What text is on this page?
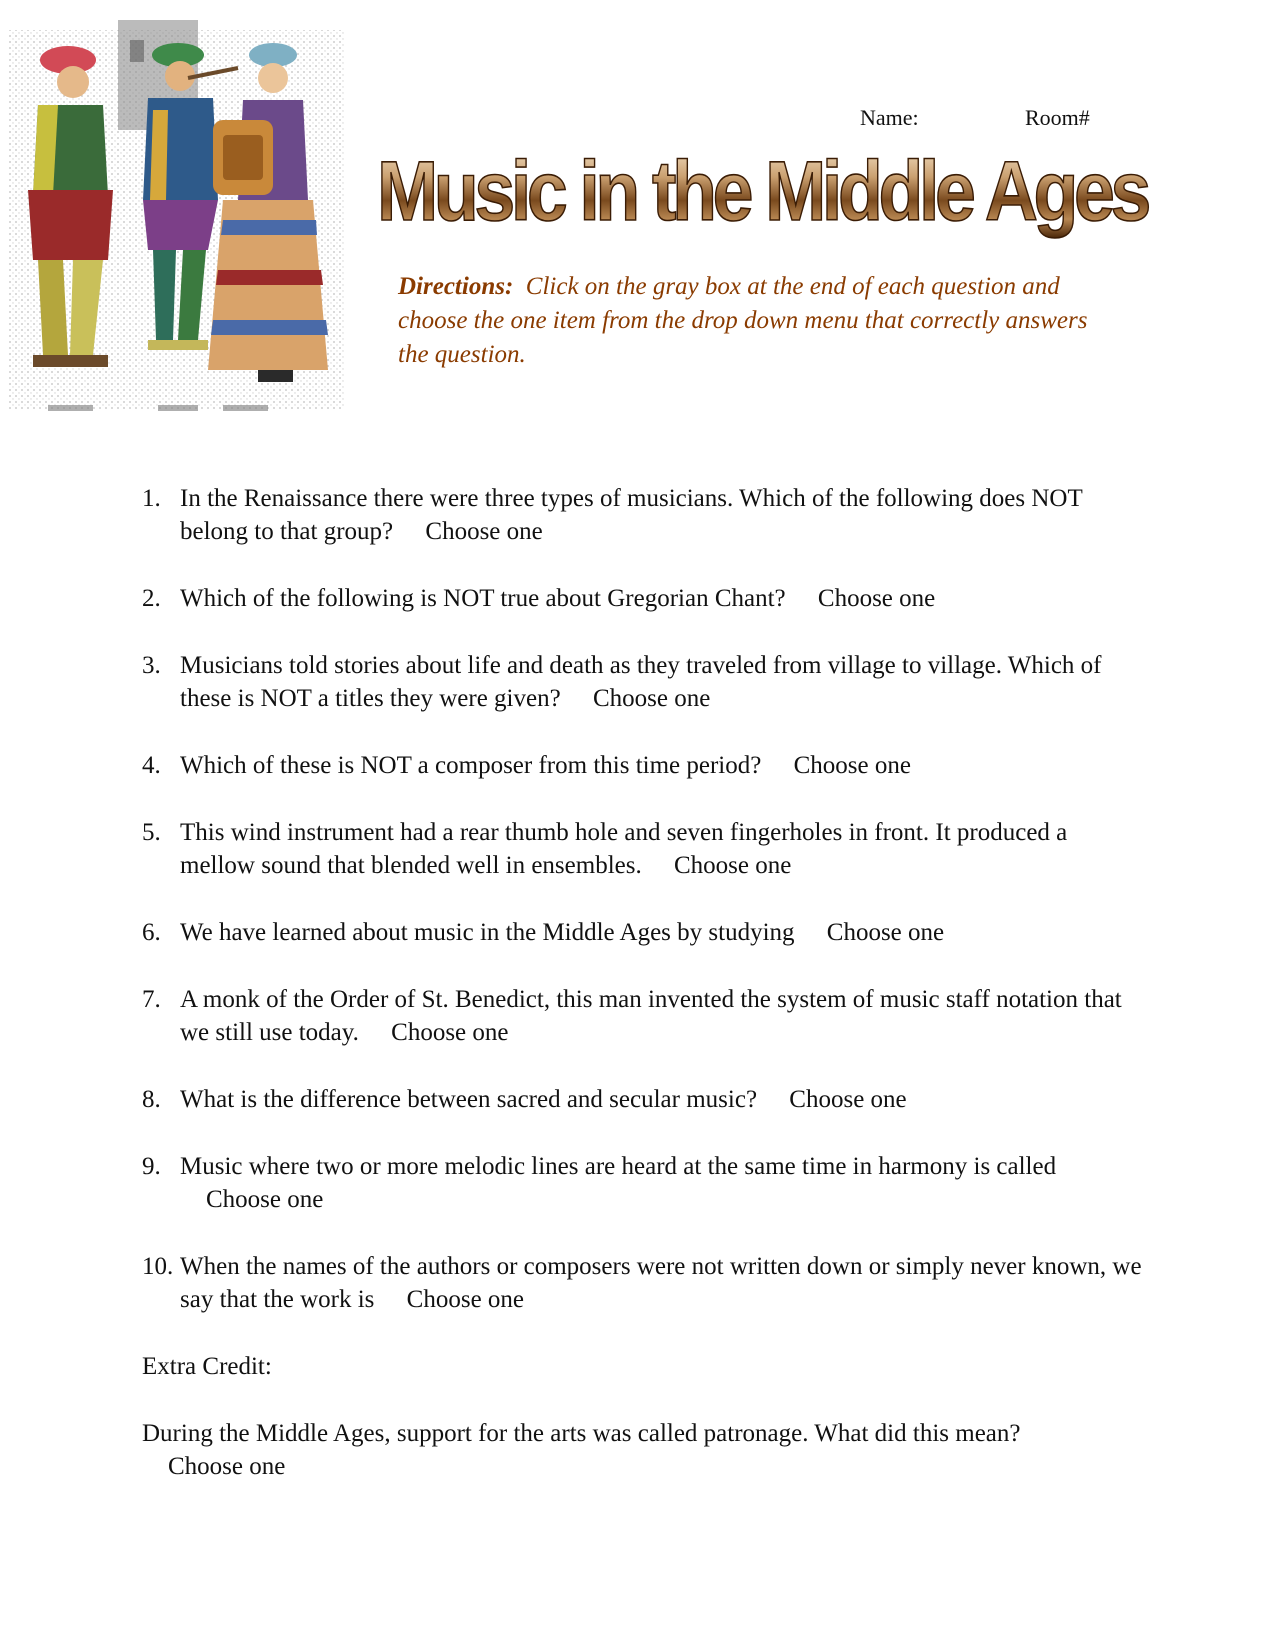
Name:	Room#
Music in the Middle Ages
Directions: Click on the gray box at the end of each question and choose the one item from the drop down menu that correctly answers the question.
1. In the Renaissance there were three types of musicians. Which of the following does NOT belong to that group? Choose one
2. Which of the following is NOT true about Gregorian Chant? Choose one
3. Musicians told stories about life and death as they traveled from village to village. Which of these is NOT a titles they were given? Choose one
4. Which of these is NOT a composer from this time period? Choose one
5. This wind instrument had a rear thumb hole and seven fingerholes in front. It produced a mellow sound that blended well in ensembles. Choose one
6. We have learned about music in the Middle Ages by studying Choose one
7. A monk of the Order of St. Benedict, this man invented the system of music staff notation that we still use today. Choose one
8. What is the difference between sacred and secular music? Choose one
9. Music where two or more melodic lines are heard at the same time in harmony is called Choose one
10. When the names of the authors or composers were not written down or simply never known, we say that the work is Choose one

Extra Credit:

During the Middle Ages, support for the arts was called patronage. What did this mean? Choose one
